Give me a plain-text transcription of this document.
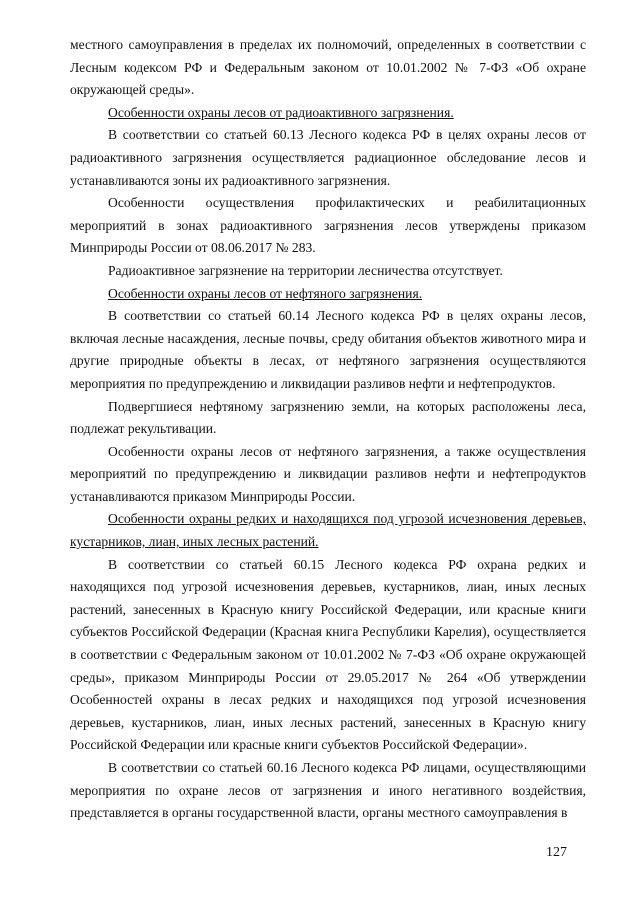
местного самоуправления в пределах их полномочий, определенных в соответствии с Лесным кодексом РФ и Федеральным законом от 10.01.2002 № 7-ФЗ «Об охране окружающей среды».

Особенности охраны лесов от радиоактивного загрязнения.

В соответствии со статьей 60.13 Лесного кодекса РФ в целях охраны лесов от радиоактивного загрязнения осуществляется радиационное обследование лесов и устанавливаются зоны их радиоактивного загрязнения.

Особенности осуществления профилактических и реабилитационных мероприятий в зонах радиоактивного загрязнения лесов утверждены приказом Минприроды России от 08.06.2017 № 283.

Радиоактивное загрязнение на территории лесничества отсутствует.

Особенности охраны лесов от нефтяного загрязнения.

В соответствии со статьей 60.14 Лесного кодекса РФ в целях охраны лесов, включая лесные насаждения, лесные почвы, среду обитания объектов животного мира и другие природные объекты в лесах, от нефтяного загрязнения осуществляются мероприятия по предупреждению и ликвидации разливов нефти и нефтепродуктов.

Подвергшиеся нефтяному загрязнению земли, на которых расположены леса, подлежат рекультивации.

Особенности охраны лесов от нефтяного загрязнения, а также осуществления мероприятий по предупреждению и ликвидации разливов нефти и нефтепродуктов устанавливаются приказом Минприроды России.

Особенности охраны редких и находящихся под угрозой исчезновения деревьев, кустарников, лиан, иных лесных растений.

В соответствии со статьей 60.15 Лесного кодекса РФ охрана редких и находящихся под угрозой исчезновения деревьев, кустарников, лиан, иных лесных растений, занесенных в Красную книгу Российской Федерации, или красные книги субъектов Российской Федерации (Красная книга Республики Карелия), осуществляется в соответствии с Федеральным законом от 10.01.2002 № 7-ФЗ «Об охране окружающей среды», приказом Минприроды России от 29.05.2017 № 264 «Об утверждении Особенностей охраны в лесах редких и находящихся под угрозой исчезновения деревьев, кустарников, лиан, иных лесных растений, занесенных в Красную книгу Российской Федерации или красные книги субъектов Российской Федерации».

В соответствии со статьей 60.16 Лесного кодекса РФ лицами, осуществляющими мероприятия по охране лесов от загрязнения и иного негативного воздействия, представляется в органы государственной власти, органы местного самоуправления в

127
